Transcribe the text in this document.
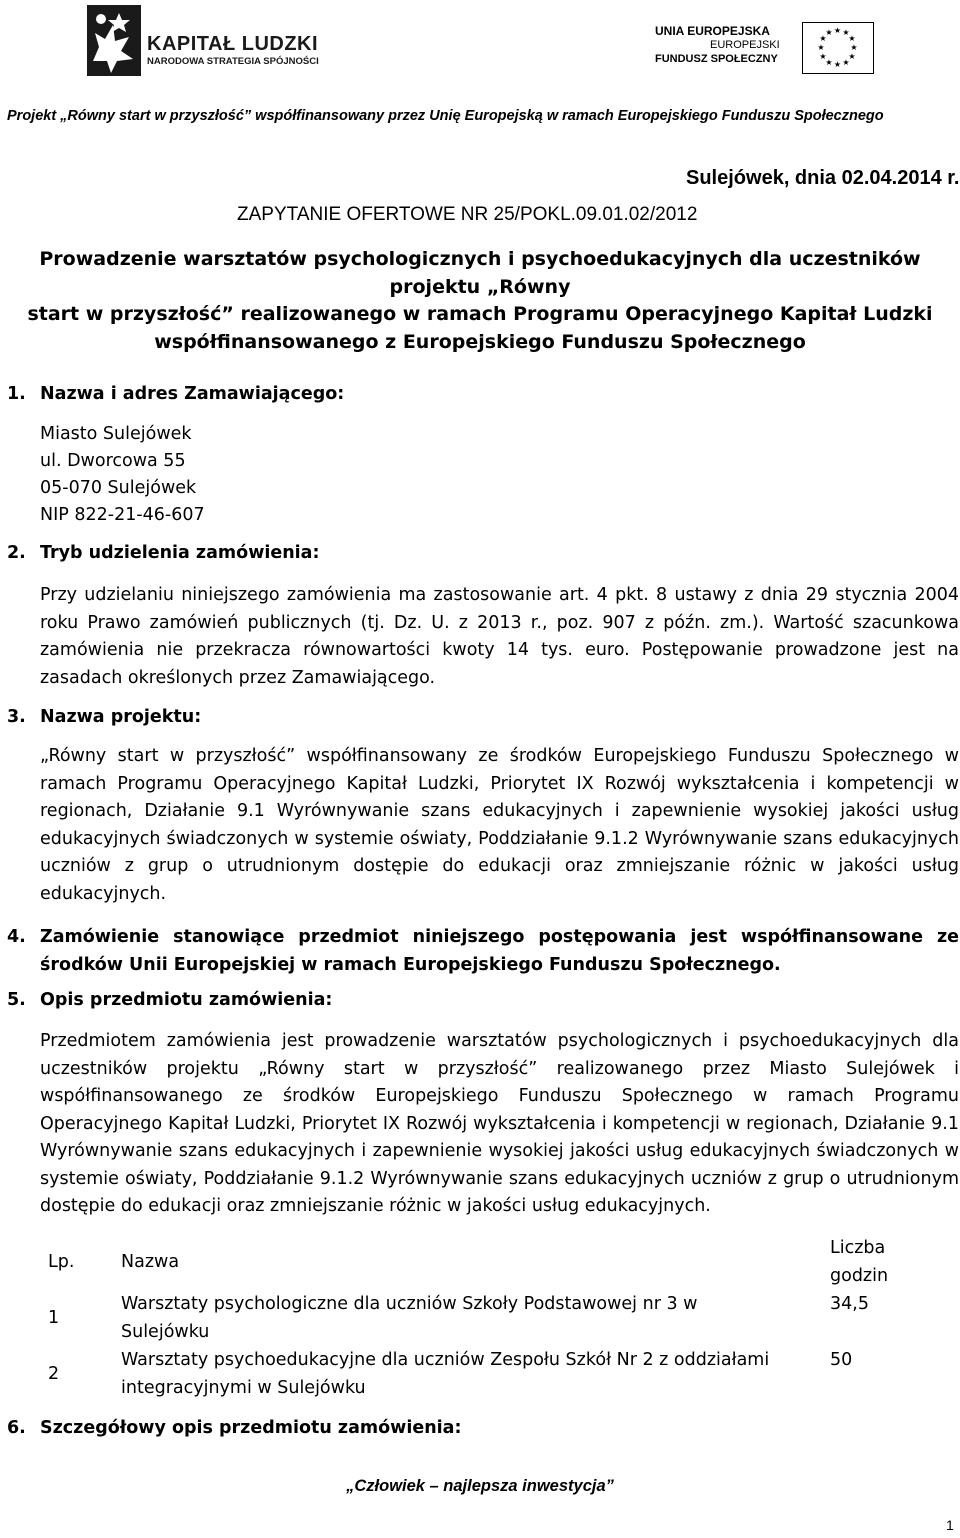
KAPITAŁ LUDZKI
NARODOWA STRATEGIA SPÓJNOŚCI
UNIA EUROPEJSKA
EUROPEJSKI
FUNDUSZ SPOŁECZNY
★ ★
★
★
★
★
★
★
★
★
★
★
Projekt „Równy start w przyszłość” współfinansowany przez Unię Europejską w ramach Europejskiego Funduszu Społecznego
Sulejówek, dnia 02.04.2014 r.
ZAPYTANIE OFERTOWE NR 25/POKL.09.01.02/2012
Prowadzenie warsztatów psychologicznych i psychoedukacyjnych dla uczestników projektu „Równy
start w przyszłość” realizowanego w ramach Programu Operacyjnego Kapitał Ludzki
współfinansowanego z Europejskiego Funduszu Społecznego
1. Nazwa i adres Zamawiającego:
Miasto Sulejówek
ul. Dworcowa 55
05-070 Sulejówek
NIP 822-21-46-607
2. Tryb udzielenia zamówienia:
Przy udzielaniu niniejszego zamówienia ma zastosowanie art. 4 pkt. 8 ustawy z dnia 29 stycznia 2004 roku Prawo zamówień publicznych (tj. Dz. U. z 2013 r., poz. 907 z późn. zm.). Wartość szacunkowa zamówienia nie przekracza równowartości kwoty 14 tys. euro. Postępowanie prowadzone jest na zasadach określonych przez Zamawiającego.
3. Nazwa projektu:
„Równy start w przyszłość” współfinansowany ze środków Europejskiego Funduszu Społecznego w ramach Programu Operacyjnego Kapitał Ludzki, Priorytet IX Rozwój wykształcenia i kompetencji w regionach, Działanie 9.1 Wyrównywanie szans edukacyjnych i zapewnienie wysokiej jakości usług edukacyjnych świadczonych w systemie oświaty, Poddziałanie 9.1.2 Wyrównywanie szans edukacyjnych uczniów z grup o utrudnionym dostępie do edukacji oraz zmniejszanie różnic w jakości usług edukacyjnych.
4. Zamówienie stanowiące przedmiot niniejszego postępowania jest współfinansowane ze środków Unii Europejskiej w ramach Europejskiego Funduszu Społecznego.
5. Opis przedmiotu zamówienia:
Przedmiotem zamówienia jest prowadzenie warsztatów psychologicznych i psychoedukacyjnych dla uczestników projektu „Równy start w przyszłość” realizowanego przez Miasto Sulejówek i współfinansowanego ze środków Europejskiego Funduszu Społecznego w ramach Programu Operacyjnego Kapitał Ludzki, Priorytet IX Rozwój wykształcenia i kompetencji w regionach, Działanie 9.1 Wyrównywanie szans edukacyjnych i zapewnienie wysokiej jakości usług edukacyjnych świadczonych w systemie oświaty, Poddziałanie 9.1.2 Wyrównywanie szans edukacyjnych uczniów z grup o utrudnionym dostępie do edukacji oraz zmniejszanie różnic w jakości usług edukacyjnych.
Lp.	Nazwa
Liczba
godzin
1
Warsztaty psychologiczne dla uczniów Szkoły Podstawowej nr 3 w
Sulejówku
34,5
2
Warsztaty psychoedukacyjne dla uczniów Zespołu Szkół Nr 2 z oddziałami
integracyjnymi w Sulejówku
50
6. Szczegółowy opis przedmiotu zamówienia:
„Człowiek – najlepsza inwestycja”
1
